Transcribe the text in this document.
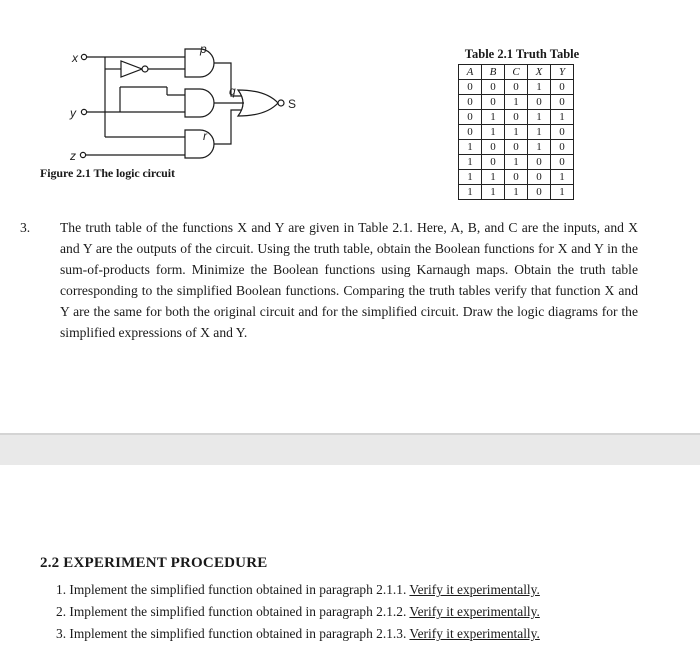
x
y
z
p
q
r
S
Figure 2.1 The logic circuit
Table 2.1 Truth Table
A	B	C	X	Y
0	0	0	1	0
0	0	1	0	0
0	1	0	1	1
0	1	1	1	0
1	0	0	1	0
1	0	1	0	0
1	1	0	0	1
1	1	1	0	1
3. The truth table of the functions X and Y are given in Table 2.1. Here, A, B, and C are the inputs, and X and Y are the outputs of the circuit. Using the truth table, obtain the Boolean functions for X and Y in the sum-of-products form. Minimize the Boolean functions using Karnaugh maps. Obtain the truth table corresponding to the simplified Boolean functions. Comparing the truth tables verify that function X and Y are the same for both the original circuit and for the simplified circuit. Draw the logic diagrams for the simplified expressions of X and Y.
2.2 EXPERIMENT PROCEDURE
1. Implement the simplified function obtained in paragraph 2.1.1. Verify it experimentally.
2. Implement the simplified function obtained in paragraph 2.1.2. Verify it experimentally.
3. Implement the simplified function obtained in paragraph 2.1.3. Verify it experimentally.
